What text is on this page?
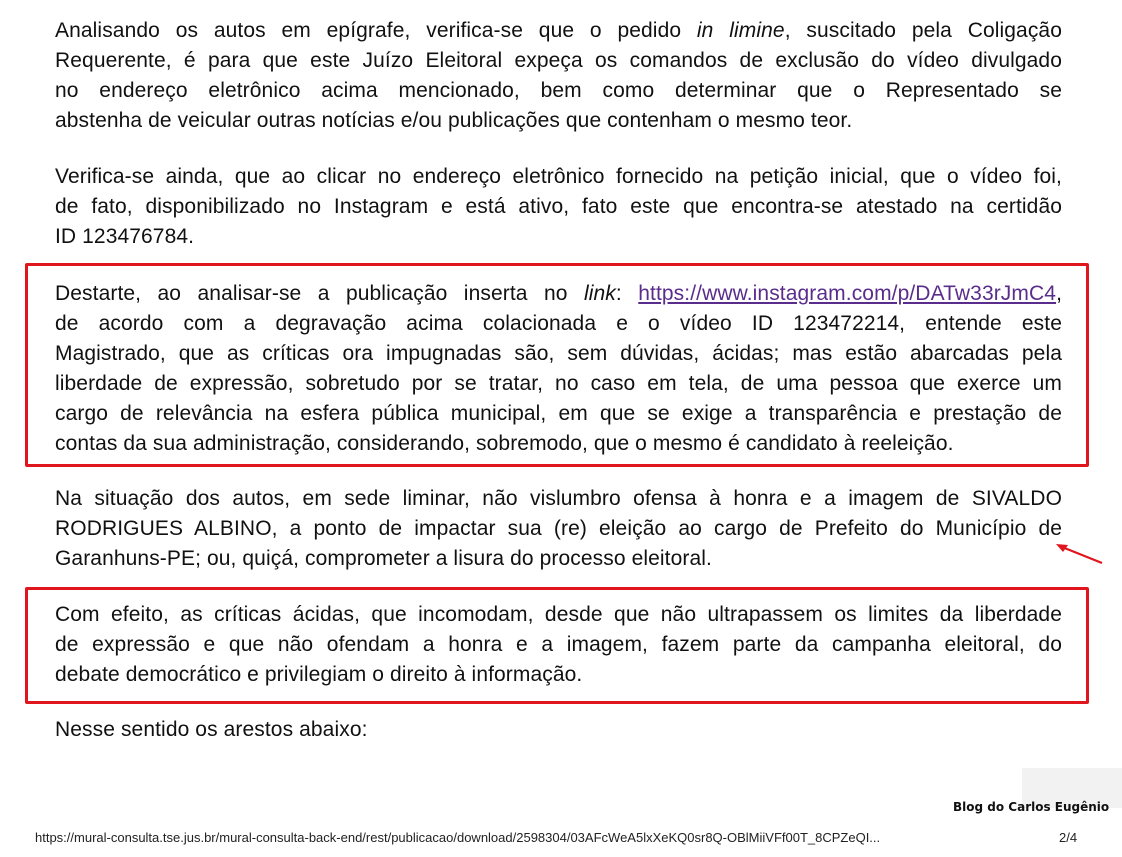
Analisando os autos em epígrafe, verifica-se que o pedido in limine, suscitado pela Coligação
Requerente, é para que este Juízo Eleitoral expeça os comandos de exclusão do vídeo divulgado
no endereço eletrônico acima mencionado, bem como determinar que o Representado se
abstenha de veicular outras notícias e/ou publicações que contenham o mesmo teor.
Verifica-se ainda, que ao clicar no endereço eletrônico fornecido na petição inicial, que o vídeo foi,
de fato, disponibilizado no Instagram e está ativo, fato este que encontra-se atestado na certidão
ID 123476784.
Destarte, ao analisar-se a publicação inserta no link: https://www.instagram.com/p/DATw33rJmC4,
de acordo com a degravação acima colacionada e o vídeo ID 123472214, entende este
Magistrado, que as críticas ora impugnadas são, sem dúvidas, ácidas; mas estão abarcadas pela
liberdade de expressão, sobretudo por se tratar, no caso em tela, de uma pessoa que exerce um
cargo de relevância na esfera pública municipal, em que se exige a transparência e prestação de
contas da sua administração, considerando, sobremodo, que o mesmo é candidato à reeleição.
Na situação dos autos, em sede liminar, não vislumbro ofensa à honra e a imagem de SIVALDO
RODRIGUES ALBINO, a ponto de impactar sua (re) eleição ao cargo de Prefeito do Município de
Garanhuns-PE; ou, quiçá, comprometer a lisura do processo eleitoral.
Com efeito, as críticas ácidas, que incomodam, desde que não ultrapassem os limites da liberdade
de expressão e que não ofendam a honra e a imagem, fazem parte da campanha eleitoral, do
debate democrático e privilegiam o direito à informação.
Nesse sentido os arestos abaixo:
Blog do Carlos Eugênio
https://mural-consulta.tse.jus.br/mural-consulta-back-end/rest/publicacao/download/2598304/03AFcWeA5lxXeKQ0sr8Q-OBlMiiVFf00T_8CPZeQI...	2/4
